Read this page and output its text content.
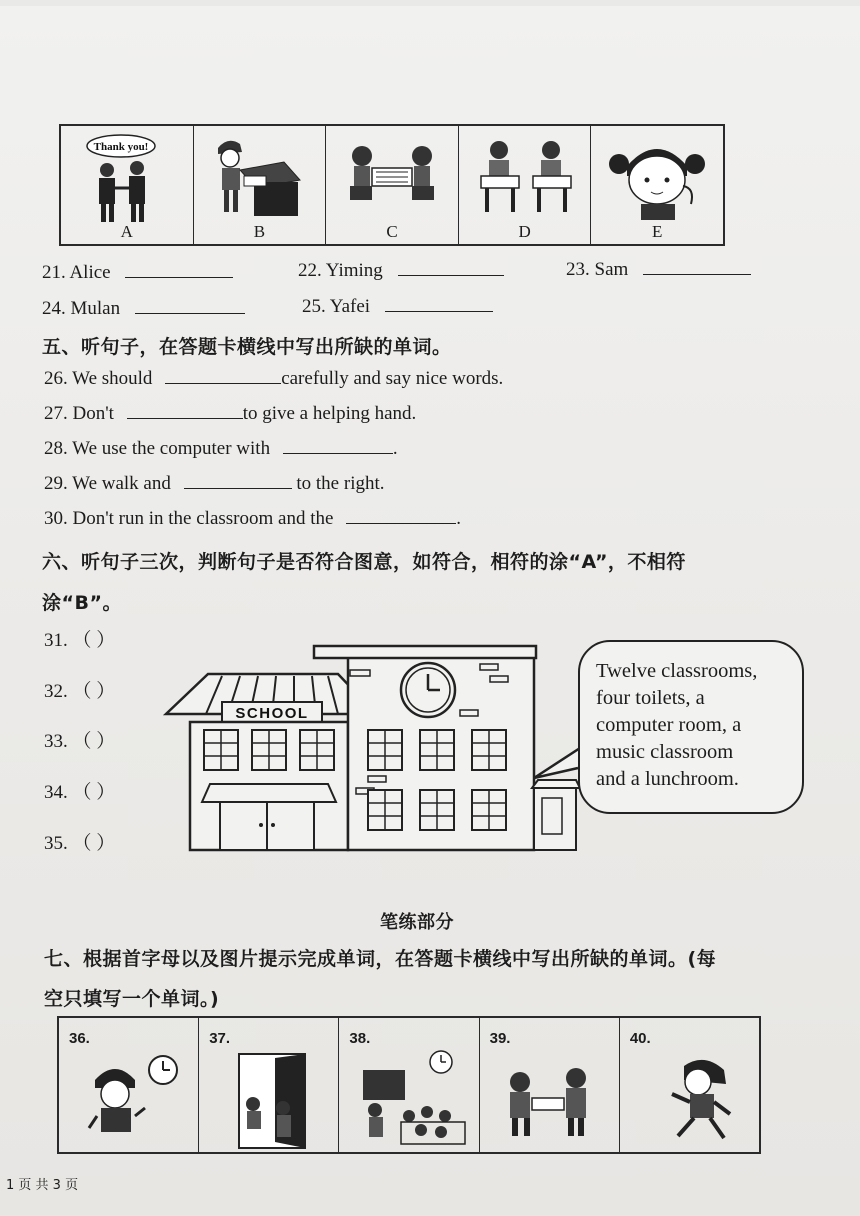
Thank you!
A	B	C	D	E
21. Alice	22. Yiming	23. Sam
24. Mulan	25. Yafei
五、听句子，在答题卡横线中写出所缺的单词。
26. We should	carefully and say nice words.
27. Don't	to give a helping hand.
28. We use the computer with	.
29. We walk and	to the right.
30. Don't run in the classroom and the	.
六、听句子三次，判断句子是否符合图意，如符合，相符的涂“A”，不相符
涂“B”。
31. （ ）
32. （ ）
33. （ ）
34. （ ）
35. （ ）
SCHOOL
Twelve classrooms,
four toilets, a
computer room, a
music classroom
and a lunchroom.
笔练部分
七、根据首字母以及图片提示完成单词，在答题卡横线中写出所缺的单词。(每
空只填写一个单词。)
36.	37.	38.	39.	40.
1 页 共 3 页
